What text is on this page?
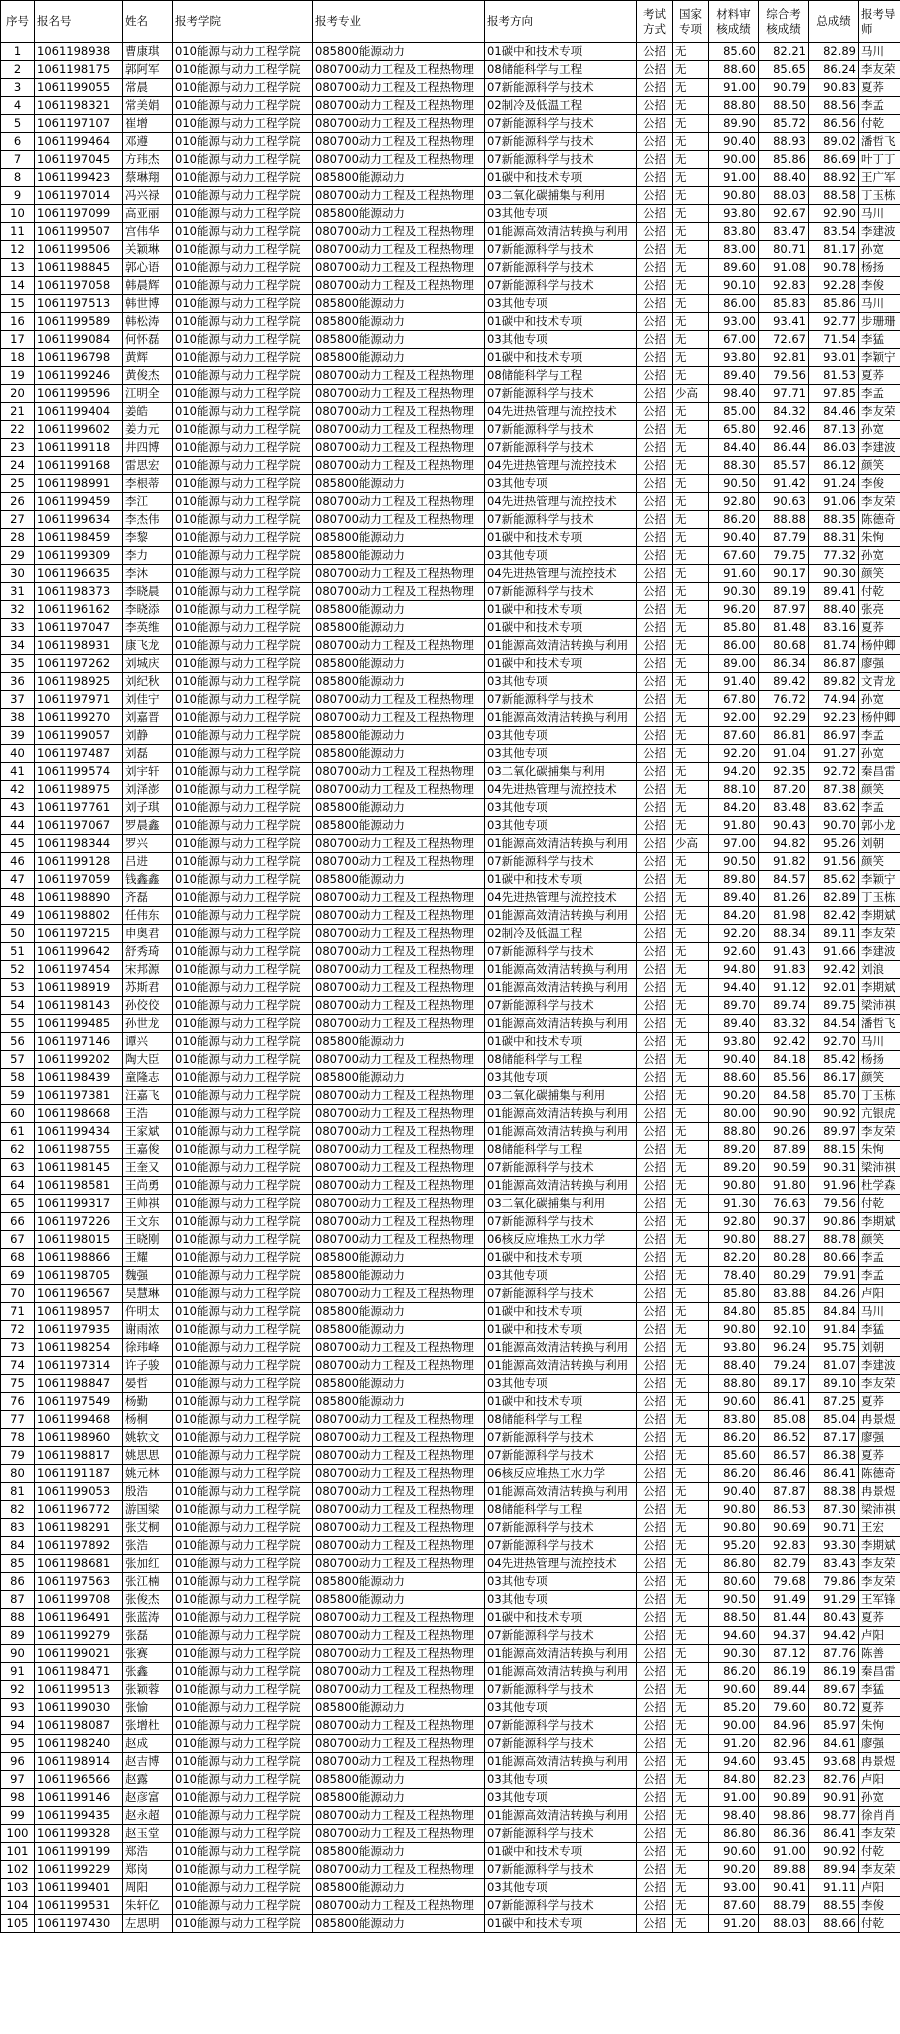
序号	报名号	姓名	报考学院	报考专业	报考方向	考试方式	国家专项	材料审核成绩	综合考核成绩	总成绩	报考导师
1	1061198938	曹康琪	010能源与动力工程学院	085800能源动力	01碳中和技术专项	公招	无	85.60	82.21	82.89	马川
2	1061198175	郭阿军	010能源与动力工程学院	080700动力工程及工程热物理	08储能科学与工程	公招	无	88.60	85.65	86.24	李友荣
3	1061199055	常晨	010能源与动力工程学院	080700动力工程及工程热物理	07新能源科学与技术	公招	无	91.00	90.79	90.83	夏荞
4	1061198321	常美娟	010能源与动力工程学院	080700动力工程及工程热物理	02制冷及低温工程	公招	无	88.80	88.50	88.56	李孟
5	1061197107	崔增	010能源与动力工程学院	080700动力工程及工程热物理	07新能源科学与技术	公招	无	89.90	85.72	86.56	付乾
6	1061199464	邓遵	010能源与动力工程学院	080700动力工程及工程热物理	07新能源科学与技术	公招	无	90.40	88.93	89.02	潘哲飞
7	1061197045	方玮杰	010能源与动力工程学院	080700动力工程及工程热物理	07新能源科学与技术	公招	无	90.00	85.86	86.69	叶丁丁
8	1061199423	蔡琳翔	010能源与动力工程学院	085800能源动力	01碳中和技术专项	公招	无	91.00	88.40	88.92	王广军
9	1061197014	冯兴禄	010能源与动力工程学院	080700动力工程及工程热物理	03二氧化碳捕集与利用	公招	无	90.80	88.03	88.58	丁玉栋
10	1061197099	高亚丽	010能源与动力工程学院	085800能源动力	03其他专项	公招	无	93.80	92.67	92.90	马川
11	1061199507	宫伟华	010能源与动力工程学院	080700动力工程及工程热物理	01能源高效清洁转换与利用	公招	无	83.80	83.47	83.54	李建波
12	1061199506	关颖琳	010能源与动力工程学院	080700动力工程及工程热物理	07新能源科学与技术	公招	无	83.00	80.71	81.17	孙宽
13	1061198845	郭心语	010能源与动力工程学院	080700动力工程及工程热物理	07新能源科学与技术	公招	无	89.60	91.08	90.78	杨扬
14	1061197058	韩晨辉	010能源与动力工程学院	080700动力工程及工程热物理	07新能源科学与技术	公招	无	90.10	92.83	92.28	李俊
15	1061197513	韩世博	010能源与动力工程学院	085800能源动力	03其他专项	公招	无	86.00	85.83	85.86	马川
16	1061199589	韩松涛	010能源与动力工程学院	085800能源动力	01碳中和技术专项	公招	无	93.00	93.41	92.77	步珊珊
17	1061199084	何怀磊	010能源与动力工程学院	085800能源动力	03其他专项	公招	无	67.00	72.67	71.54	李猛
18	1061196798	黄辉	010能源与动力工程学院	085800能源动力	01碳中和技术专项	公招	无	93.80	92.81	93.01	李颖宁
19	1061199246	黄俊杰	010能源与动力工程学院	080700动力工程及工程热物理	08储能科学与工程	公招	无	89.40	79.56	81.53	夏荞
20	1061199596	江明全	010能源与动力工程学院	080700动力工程及工程热物理	07新能源科学与技术	公招	少高	98.40	97.71	97.85	李孟
21	1061199404	姜皓	010能源与动力工程学院	080700动力工程及工程热物理	04先进热管理与流控技术	公招	无	85.00	84.32	84.46	李友荣
22	1061199602	姜力元	010能源与动力工程学院	080700动力工程及工程热物理	07新能源科学与技术	公招	无	65.80	92.46	87.13	孙宽
23	1061199118	井四博	010能源与动力工程学院	080700动力工程及工程热物理	07新能源科学与技术	公招	无	84.40	86.44	86.03	李建波
24	1061199168	雷思宏	010能源与动力工程学院	080700动力工程及工程热物理	04先进热管理与流控技术	公招	无	88.30	85.57	86.12	颜笑
25	1061198991	李根蒂	010能源与动力工程学院	085800能源动力	03其他专项	公招	无	90.50	91.42	91.24	李俊
26	1061199459	李江	010能源与动力工程学院	080700动力工程及工程热物理	04先进热管理与流控技术	公招	无	92.80	90.63	91.06	李友荣
27	1061199634	李杰伟	010能源与动力工程学院	080700动力工程及工程热物理	07新能源科学与技术	公招	无	86.20	88.88	88.35	陈德奇
28	1061198459	李黎	010能源与动力工程学院	085800能源动力	01碳中和技术专项	公招	无	90.40	87.79	88.31	朱恂
29	1061199309	李力	010能源与动力工程学院	085800能源动力	03其他专项	公招	无	67.60	79.75	77.32	孙宽
30	1061196635	李沐	010能源与动力工程学院	080700动力工程及工程热物理	04先进热管理与流控技术	公招	无	91.60	90.17	90.30	颜笑
31	1061198373	李晓晨	010能源与动力工程学院	080700动力工程及工程热物理	07新能源科学与技术	公招	无	90.30	89.19	89.41	付乾
32	1061196162	李晓添	010能源与动力工程学院	085800能源动力	01碳中和技术专项	公招	无	96.20	87.97	88.40	张亮
33	1061197047	李英维	010能源与动力工程学院	085800能源动力	01碳中和技术专项	公招	无	85.80	81.48	83.16	夏荞
34	1061198931	康飞龙	010能源与动力工程学院	080700动力工程及工程热物理	01能源高效清洁转换与利用	公招	无	86.00	80.68	81.74	杨仲卿
35	1061197262	刘城庆	010能源与动力工程学院	085800能源动力	01碳中和技术专项	公招	无	89.00	86.34	86.87	廖强
36	1061198925	刘纪秋	010能源与动力工程学院	085800能源动力	03其他专项	公招	无	91.40	89.42	89.82	文青龙
37	1061197971	刘佳宁	010能源与动力工程学院	080700动力工程及工程热物理	07新能源科学与技术	公招	无	67.80	76.72	74.94	孙宽
38	1061199270	刘嘉晋	010能源与动力工程学院	080700动力工程及工程热物理	01能源高效清洁转换与利用	公招	无	92.00	92.29	92.23	杨仲卿
39	1061199057	刘静	010能源与动力工程学院	085800能源动力	03其他专项	公招	无	87.60	86.81	86.97	李孟
40	1061197487	刘磊	010能源与动力工程学院	085800能源动力	03其他专项	公招	无	92.20	91.04	91.27	孙宽
41	1061199574	刘宇轩	010能源与动力工程学院	080700动力工程及工程热物理	03二氧化碳捕集与利用	公招	无	94.20	92.35	92.72	秦昌雷
42	1061198975	刘泽澎	010能源与动力工程学院	080700动力工程及工程热物理	04先进热管理与流控技术	公招	无	88.10	87.20	87.38	颜笑
43	1061197761	刘子琪	010能源与动力工程学院	085800能源动力	03其他专项	公招	无	84.20	83.48	83.62	李孟
44	1061197067	罗晨鑫	010能源与动力工程学院	085800能源动力	03其他专项	公招	无	91.80	90.43	90.70	郭小龙
45	1061198344	罗兴	010能源与动力工程学院	080700动力工程及工程热物理	01能源高效清洁转换与利用	公招	少高	97.00	94.82	95.26	刘朝
46	1061199128	吕进	010能源与动力工程学院	080700动力工程及工程热物理	07新能源科学与技术	公招	无	90.50	91.82	91.56	颜笑
47	1061197059	钱鑫鑫	010能源与动力工程学院	085800能源动力	01碳中和技术专项	公招	无	89.80	84.57	85.62	李颖宁
48	1061198890	齐磊	010能源与动力工程学院	080700动力工程及工程热物理	04先进热管理与流控技术	公招	无	89.40	81.26	82.89	丁玉栋
49	1061198802	任伟东	010能源与动力工程学院	080700动力工程及工程热物理	01能源高效清洁转换与利用	公招	无	84.20	81.98	82.42	李期斌
50	1061197215	申奥君	010能源与动力工程学院	080700动力工程及工程热物理	02制冷及低温工程	公招	无	92.20	88.34	89.11	李友荣
51	1061199642	舒秀琦	010能源与动力工程学院	080700动力工程及工程热物理	07新能源科学与技术	公招	无	92.60	91.43	91.66	李建波
52	1061197454	宋邦源	010能源与动力工程学院	080700动力工程及工程热物理	01能源高效清洁转换与利用	公招	无	94.80	91.83	92.42	刘浪
53	1061198919	苏斯君	010能源与动力工程学院	080700动力工程及工程热物理	01能源高效清洁转换与利用	公招	无	94.40	91.12	92.01	李期斌
54	1061198143	孙佼佼	010能源与动力工程学院	080700动力工程及工程热物理	07新能源科学与技术	公招	无	89.70	89.74	89.75	梁沛祺
55	1061199485	孙世龙	010能源与动力工程学院	080700动力工程及工程热物理	01能源高效清洁转换与利用	公招	无	89.40	83.32	84.54	潘哲飞
56	1061197146	谭兴	010能源与动力工程学院	085800能源动力	01碳中和技术专项	公招	无	93.80	92.42	92.70	马川
57	1061199202	陶大臣	010能源与动力工程学院	080700动力工程及工程热物理	08储能科学与工程	公招	无	90.40	84.18	85.42	杨扬
58	1061198439	童隆志	010能源与动力工程学院	085800能源动力	03其他专项	公招	无	88.60	85.56	86.17	颜笑
59	1061197381	汪嘉飞	010能源与动力工程学院	080700动力工程及工程热物理	03二氧化碳捕集与利用	公招	无	90.20	84.58	85.70	丁玉栋
60	1061198668	王浩	010能源与动力工程学院	080700动力工程及工程热物理	01能源高效清洁转换与利用	公招	无	80.00	90.90	90.92	亢银虎
61	1061199434	王家斌	010能源与动力工程学院	080700动力工程及工程热物理	01能源高效清洁转换与利用	公招	无	88.80	90.26	89.97	李友荣
62	1061198755	王嘉俊	010能源与动力工程学院	080700动力工程及工程热物理	08储能科学与工程	公招	无	89.20	87.89	88.15	朱恂
63	1061198145	王奎又	010能源与动力工程学院	080700动力工程及工程热物理	07新能源科学与技术	公招	无	89.20	90.59	90.31	梁沛祺
64	1061198581	王尚勇	010能源与动力工程学院	080700动力工程及工程热物理	01能源高效清洁转换与利用	公招	无	90.80	91.80	91.96	杜学森
65	1061199317	王帅祺	010能源与动力工程学院	080700动力工程及工程热物理	03二氧化碳捕集与利用	公招	无	91.30	76.63	79.56	付乾
66	1061197226	王文东	010能源与动力工程学院	080700动力工程及工程热物理	07新能源科学与技术	公招	无	92.80	90.37	90.86	李期斌
67	1061198015	王晓刚	010能源与动力工程学院	080700动力工程及工程热物理	06核反应堆热工水力学	公招	无	90.80	88.27	88.78	颜笑
68	1061198866	王耀	010能源与动力工程学院	085800能源动力	01碳中和技术专项	公招	无	82.20	80.28	80.66	李孟
69	1061198705	魏强	010能源与动力工程学院	085800能源动力	03其他专项	公招	无	78.40	80.29	79.91	李孟
70	1061196567	吴慧琳	010能源与动力工程学院	080700动力工程及工程热物理	07新能源科学与技术	公招	无	85.80	83.88	84.26	卢阳
71	1061198957	仵明太	010能源与动力工程学院	085800能源动力	01碳中和技术专项	公招	无	84.80	85.85	84.84	马川
72	1061197935	谢雨浓	010能源与动力工程学院	085800能源动力	01碳中和技术专项	公招	无	90.80	92.10	91.84	李猛
73	1061198254	徐玮峰	010能源与动力工程学院	080700动力工程及工程热物理	01能源高效清洁转换与利用	公招	无	93.80	96.24	95.75	刘朝
74	1061197314	许子骏	010能源与动力工程学院	080700动力工程及工程热物理	01能源高效清洁转换与利用	公招	无	88.40	79.24	81.07	李建波
75	1061198847	晏哲	010能源与动力工程学院	085800能源动力	03其他专项	公招	无	88.80	89.17	89.10	李友荣
76	1061197549	杨勤	010能源与动力工程学院	085800能源动力	01碳中和技术专项	公招	无	90.60	86.41	87.25	夏荞
77	1061199468	杨桐	010能源与动力工程学院	080700动力工程及工程热物理	08储能科学与工程	公招	无	83.80	85.08	85.04	冉景煜
78	1061198960	姚软文	010能源与动力工程学院	080700动力工程及工程热物理	07新能源科学与技术	公招	无	86.20	86.52	87.17	廖强
79	1061198817	姚思思	010能源与动力工程学院	080700动力工程及工程热物理	07新能源科学与技术	公招	无	85.60	86.57	86.38	夏荞
80	1061191187	姚元林	010能源与动力工程学院	080700动力工程及工程热物理	06核反应堆热工水力学	公招	无	86.20	86.46	86.41	陈德奇
81	1061199053	殷浩	010能源与动力工程学院	080700动力工程及工程热物理	01能源高效清洁转换与利用	公招	无	90.40	87.87	88.38	冉景煜
82	1061196772	游国梁	010能源与动力工程学院	080700动力工程及工程热物理	08储能科学与工程	公招	无	90.80	86.53	87.30	梁沛祺
83	1061198291	张艾桐	010能源与动力工程学院	080700动力工程及工程热物理	07新能源科学与技术	公招	无	90.80	90.69	90.71	王宏
84	1061197892	张浩	010能源与动力工程学院	080700动力工程及工程热物理	07新能源科学与技术	公招	无	95.20	92.83	93.30	李期斌
85	1061198681	张加红	010能源与动力工程学院	080700动力工程及工程热物理	04先进热管理与流控技术	公招	无	86.80	82.79	83.43	李友荣
86	1061197563	张江楠	010能源与动力工程学院	085800能源动力	03其他专项	公招	无	80.60	79.68	79.86	李友荣
87	1061199708	张俊杰	010能源与动力工程学院	085800能源动力	03其他专项	公招	无	90.50	91.49	91.29	王军锋
88	1061196491	张蓝涛	010能源与动力工程学院	080700动力工程及工程热物理	01碳中和技术专项	公招	无	88.50	81.44	80.43	夏荞
89	1061199279	张磊	010能源与动力工程学院	080700动力工程及工程热物理	07新能源科学与技术	公招	无	94.60	94.37	94.42	卢阳
90	1061199021	张赛	010能源与动力工程学院	080700动力工程及工程热物理	01能源高效清洁转换与利用	公招	无	90.30	87.12	87.76	陈善
91	1061198471	张鑫	010能源与动力工程学院	080700动力工程及工程热物理	01能源高效清洁转换与利用	公招	无	86.20	86.19	86.19	秦昌雷
92	1061199513	张颖蓉	010能源与动力工程学院	080700动力工程及工程热物理	07新能源科学与技术	公招	无	90.60	89.44	89.67	李猛
93	1061199030	张愉	010能源与动力工程学院	085800能源动力	03其他专项	公招	无	85.20	79.60	80.72	夏荞
94	1061198087	张增杜	010能源与动力工程学院	080700动力工程及工程热物理	07新能源科学与技术	公招	无	90.00	84.96	85.97	朱恂
95	1061198240	赵成	010能源与动力工程学院	080700动力工程及工程热物理	07新能源科学与技术	公招	无	91.20	82.96	84.61	廖强
96	1061198914	赵吉博	010能源与动力工程学院	080700动力工程及工程热物理	01能源高效清洁转换与利用	公招	无	94.60	93.45	93.68	冉景煜
97	1061196566	赵露	010能源与动力工程学院	085800能源动力	03其他专项	公招	无	84.80	82.23	82.76	卢阳
98	1061199146	赵彦富	010能源与动力工程学院	085800能源动力	03其他专项	公招	无	91.00	90.89	90.91	孙宽
99	1061199435	赵永超	010能源与动力工程学院	080700动力工程及工程热物理	01能源高效清洁转换与利用	公招	无	98.40	98.86	98.77	徐肖肖
100	1061199328	赵玉堂	010能源与动力工程学院	080700动力工程及工程热物理	07新能源科学与技术	公招	无	86.80	86.36	86.41	李友荣
101	1061199199	郑浩	010能源与动力工程学院	085800能源动力	01碳中和技术专项	公招	无	90.60	91.00	90.92	付乾
102	1061199229	郑岗	010能源与动力工程学院	080700动力工程及工程热物理	07新能源科学与技术	公招	无	90.20	89.88	89.94	李友荣
103	1061199401	周阳	010能源与动力工程学院	085800能源动力	03其他专项	公招	无	93.00	90.41	91.11	卢阳
104	1061199531	朱轩亿	010能源与动力工程学院	080700动力工程及工程热物理	07新能源科学与技术	公招	无	87.60	88.79	88.55	李俊
105	1061197430	左思明	010能源与动力工程学院	085800能源动力	01碳中和技术专项	公招	无	91.20	88.03	88.66	付乾
